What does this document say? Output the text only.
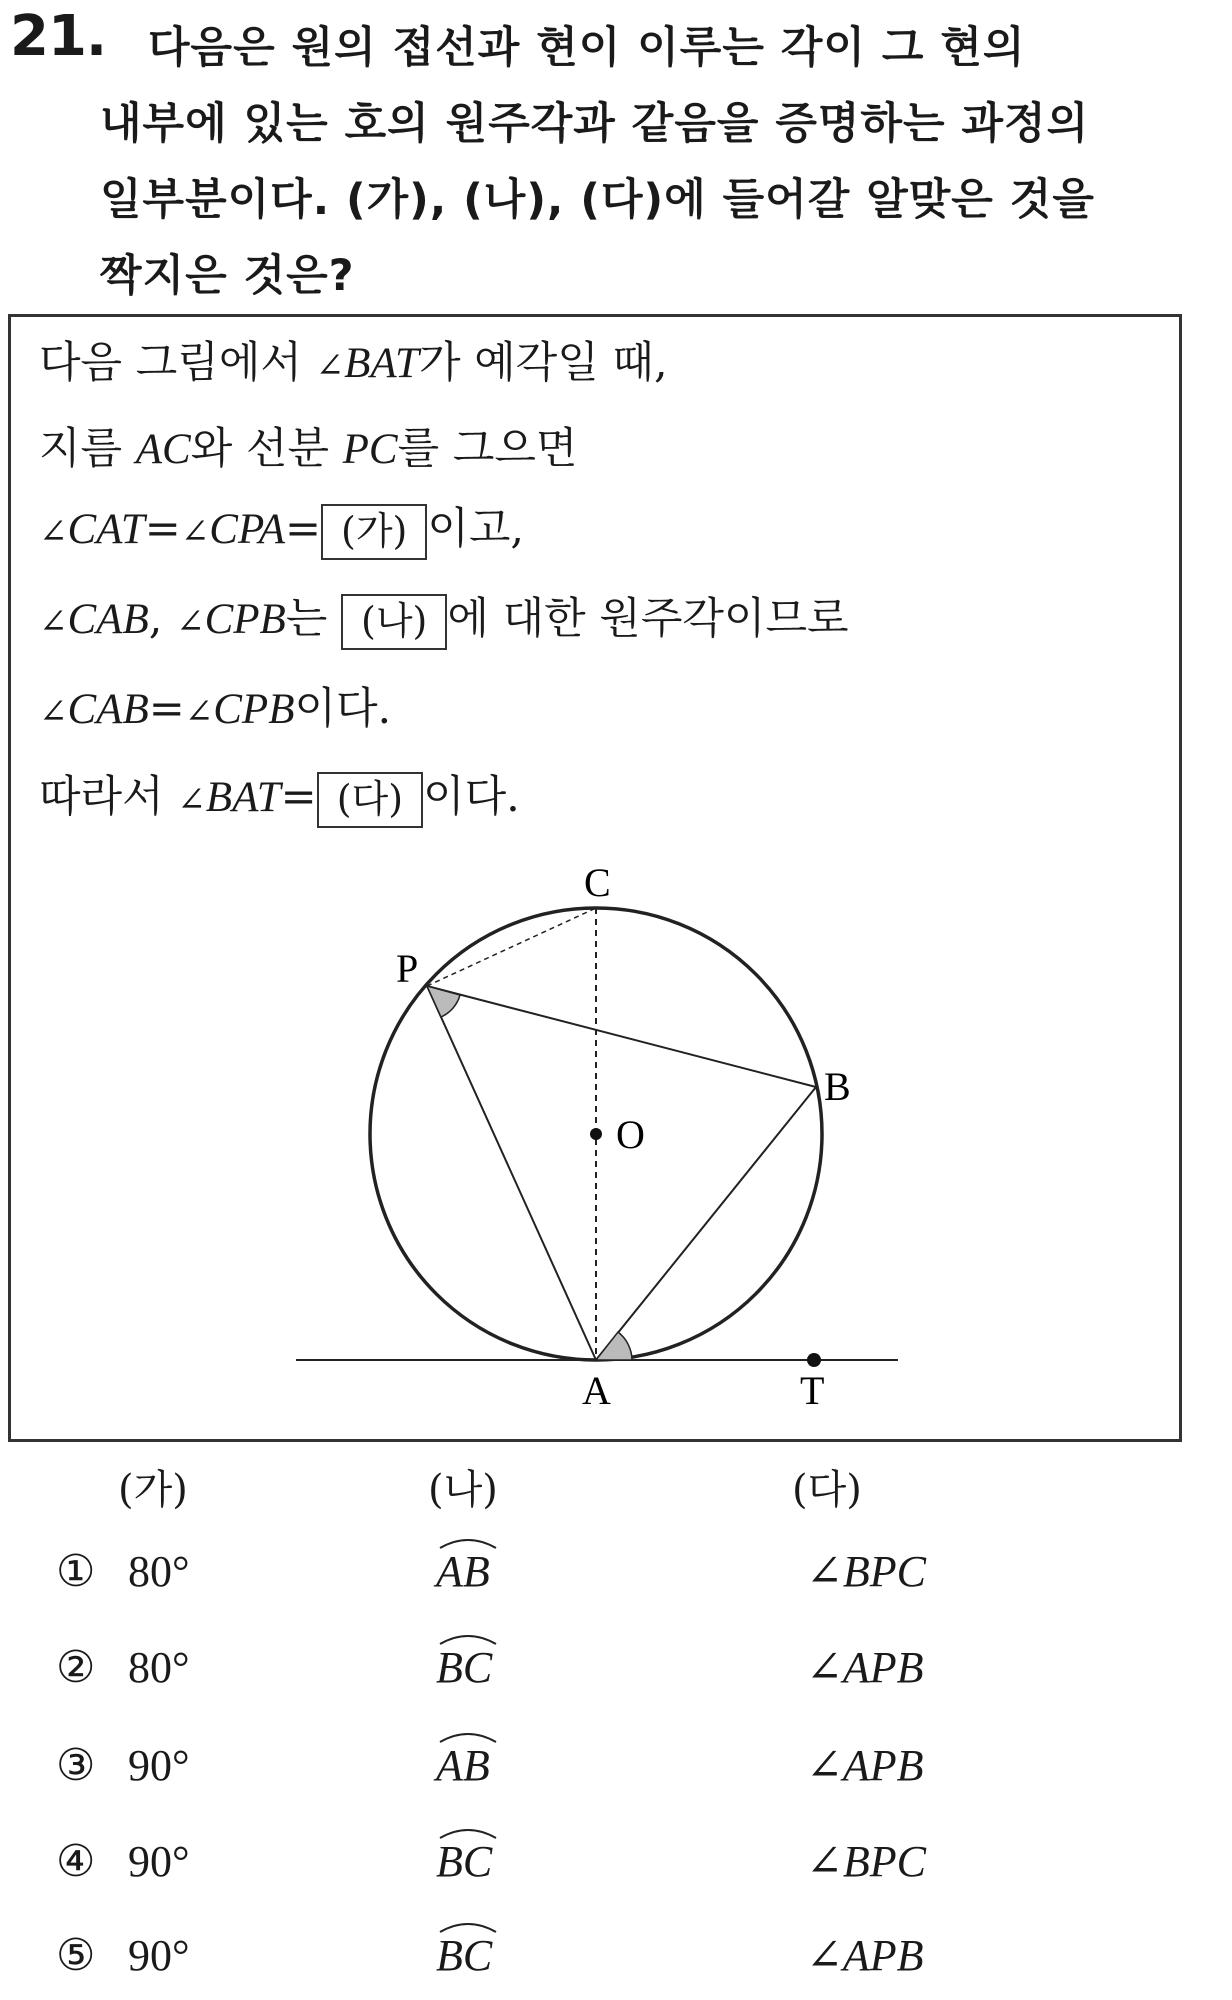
21. 다음은 원의 접선과 현이 이루는 각이 그 현의
내부에 있는 호의 원주각과 같음을 증명하는 과정의
일부분이다. (가), (나), (다)에 들어갈 알맞은 것을
짝지은 것은?
다음 그림에서 ∠BAT가 예각일 때,
지름 AC와 선분 PC를 그으면
∠CAT=∠CPA= (가) 이고,
∠CAB, ∠CPB는 (나) 에 대한 원주각이므로
∠CAB=∠CPB이다.
따라서 ∠BAT= (다) 이다.
C
P
B
O
A	T
(가)	(나)	(다)
① 80°	AB	∠BPC
② 80°	BC	∠APB
③ 90°	AB	∠APB
④ 90°	BC	∠BPC
⑤ 90°	BC	∠APB
